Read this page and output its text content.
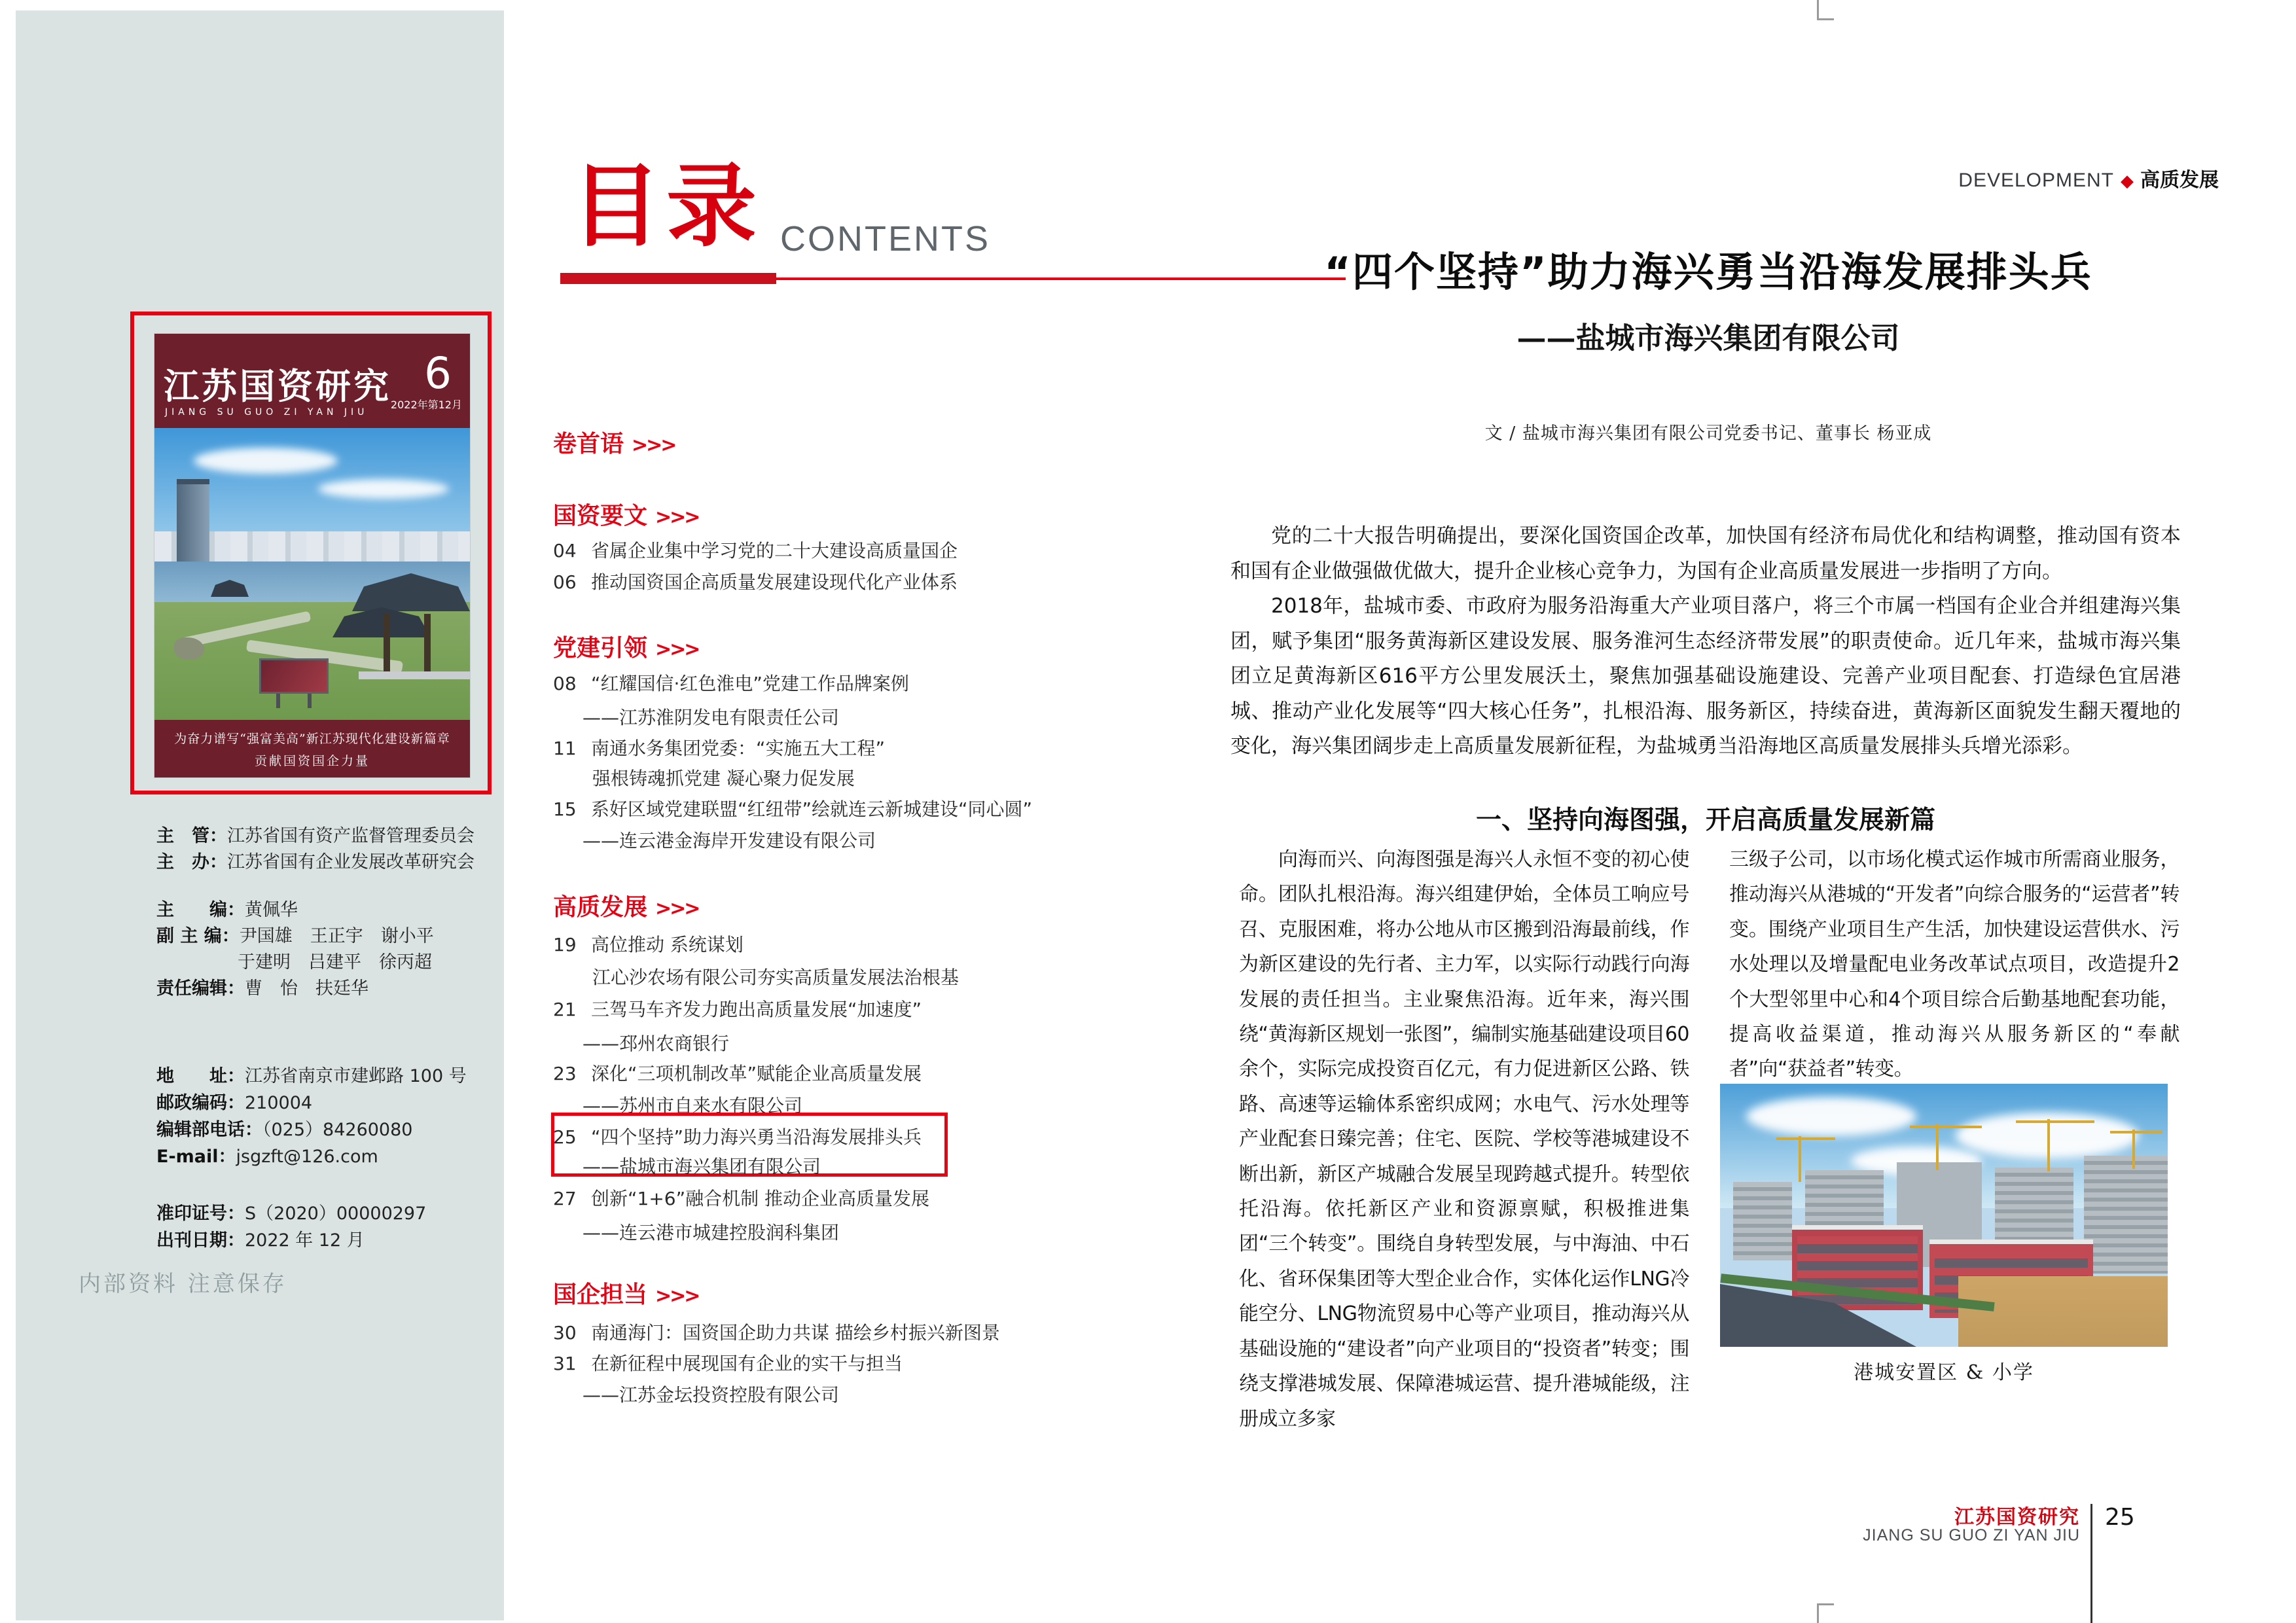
江苏国资研究 6
2022年第12月
JIANG SU GUO ZI YAN JIU
为奋力谱写“强富美高”新江苏现代化建设新篇章
贡献国资国企力量
主　管：江苏省国有资产监督管理委员会
主　办：江苏省国有企业发展改革研究会
主　　编：黄佩华
副 主 编：尹国雄　王正宇　谢小平
于建明　吕建平　徐丙超
责任编辑：曹　怡　扶廷华
地　　址：江苏省南京市建邺路 100 号
邮政编码：210004
编辑部电话：（025）84260080
E-mail：jsgzft@126.com
准印证号：S（2020）00000297
出刊日期：2022 年 12 月
内部资料 注意保存
目录 CONTENTS
卷首语 >>>
国资要文 >>>
04 省属企业集中学习党的二十大建设高质量国企
06 推动国资国企高质量发展建设现代化产业体系
党建引领 >>>
08 “红耀国信·红色淮电”党建工作品牌案例
——江苏淮阴发电有限责任公司
11 南通水务集团党委：“实施五大工程”
强根铸魂抓党建 凝心聚力促发展
15 系好区域党建联盟“红纽带”绘就连云新城建设“同心圆”
——连云港金海岸开发建设有限公司
高质发展 >>>
19 高位推动 系统谋划
江心沙农场有限公司夯实高质量发展法治根基
21 三驾马车齐发力跑出高质量发展“加速度”
——邳州农商银行
23 深化“三项机制改革”赋能企业高质量发展
——苏州市自来水有限公司
25 “四个坚持”助力海兴勇当沿海发展排头兵
——盐城市海兴集团有限公司
27 创新“1+6”融合机制 推动企业高质量发展
——连云港市城建控股润科集团
国企担当 >>>
30 南通海门：国资国企助力共谋 描绘乡村振兴新图景
31 在新征程中展现国有企业的实干与担当
——江苏金坛投资控股有限公司
DEVELOPMENT ◆ 高质发展
“四个坚持”助力海兴勇当沿海发展排头兵
——盐城市海兴集团有限公司
文 / 盐城市海兴集团有限公司党委书记、董事长 杨亚成

党的二十大报告明确提出，要深化国资国企改革，加快国有经济布局优化和结构调整，推动国有资本和国有企业做强做优做大，提升企业核心竞争力，为国有企业高质量发展进一步指明了方向。

2018年，盐城市委、市政府为服务沿海重大产业项目落户，将三个市属一档国有企业合并组建海兴集团，赋予集团“服务黄海新区建设发展、服务淮河生态经济带发展”的职责使命。近几年来，盐城市海兴集团立足黄海新区616平方公里发展沃土，聚焦加强基础设施建设、完善产业项目配套、打造绿色宜居港城、推动产业化发展等“四大核心任务”，扎根沿海、服务新区，持续奋进，黄海新区面貌发生翻天覆地的变化，海兴集团阔步走上高质量发展新征程，为盐城勇当沿海地区高质量发展排头兵增光添彩。

一、坚持向海图强，开启高质量发展新篇
向海而兴、向海图强是海兴人永恒不变的初心使命。团队扎根沿海。海兴组建伊始，全体员工响应号召、克服困难，将办公地从市区搬到沿海最前线，作为新区建设的先行者、主力军，以实际行动践行向海发展的责任担当。主业聚焦沿海。近年来，海兴围绕“黄海新区规划一张图”，编制实施基础建设项目60余个，实际完成投资百亿元，有力促进新区公路、铁路、高速等运输体系密织成网；水电气、污水处理等产业配套日臻完善；住宅、医院、学校等港城建设不断出新，新区产城融合发展呈现跨越式提升。转型依托沿海。依托新区产业和资源禀赋，积极推进集团“三个转变”。围绕自身转型发展，与中海油、中石化、省环保集团等大型企业合作，实体化运作LNG冷能空分、LNG物流贸易中心等产业项目，推动海兴从基础设施的“建设者”向产业项目的“投资者”转变；围绕支撑港城发展、保障港城运营、提升港城能级，注册成立多家
三级子公司，以市场化模式运作城市所需商业服务，推动海兴从港城的“开发者”向综合服务的“运营者”转变。围绕产业项目生产生活，加快建设运营供水、污水处理以及增量配电业务改革试点项目，改造提升2个大型邻里中心和4个项目综合后勤基地配套功能，提高收益渠道，推动海兴从服务新区的“奉献者”向“获益者”转变。
港城安置区 & 小学
江苏国资研究
JIANG SU GUO ZI YAN JIU
25
